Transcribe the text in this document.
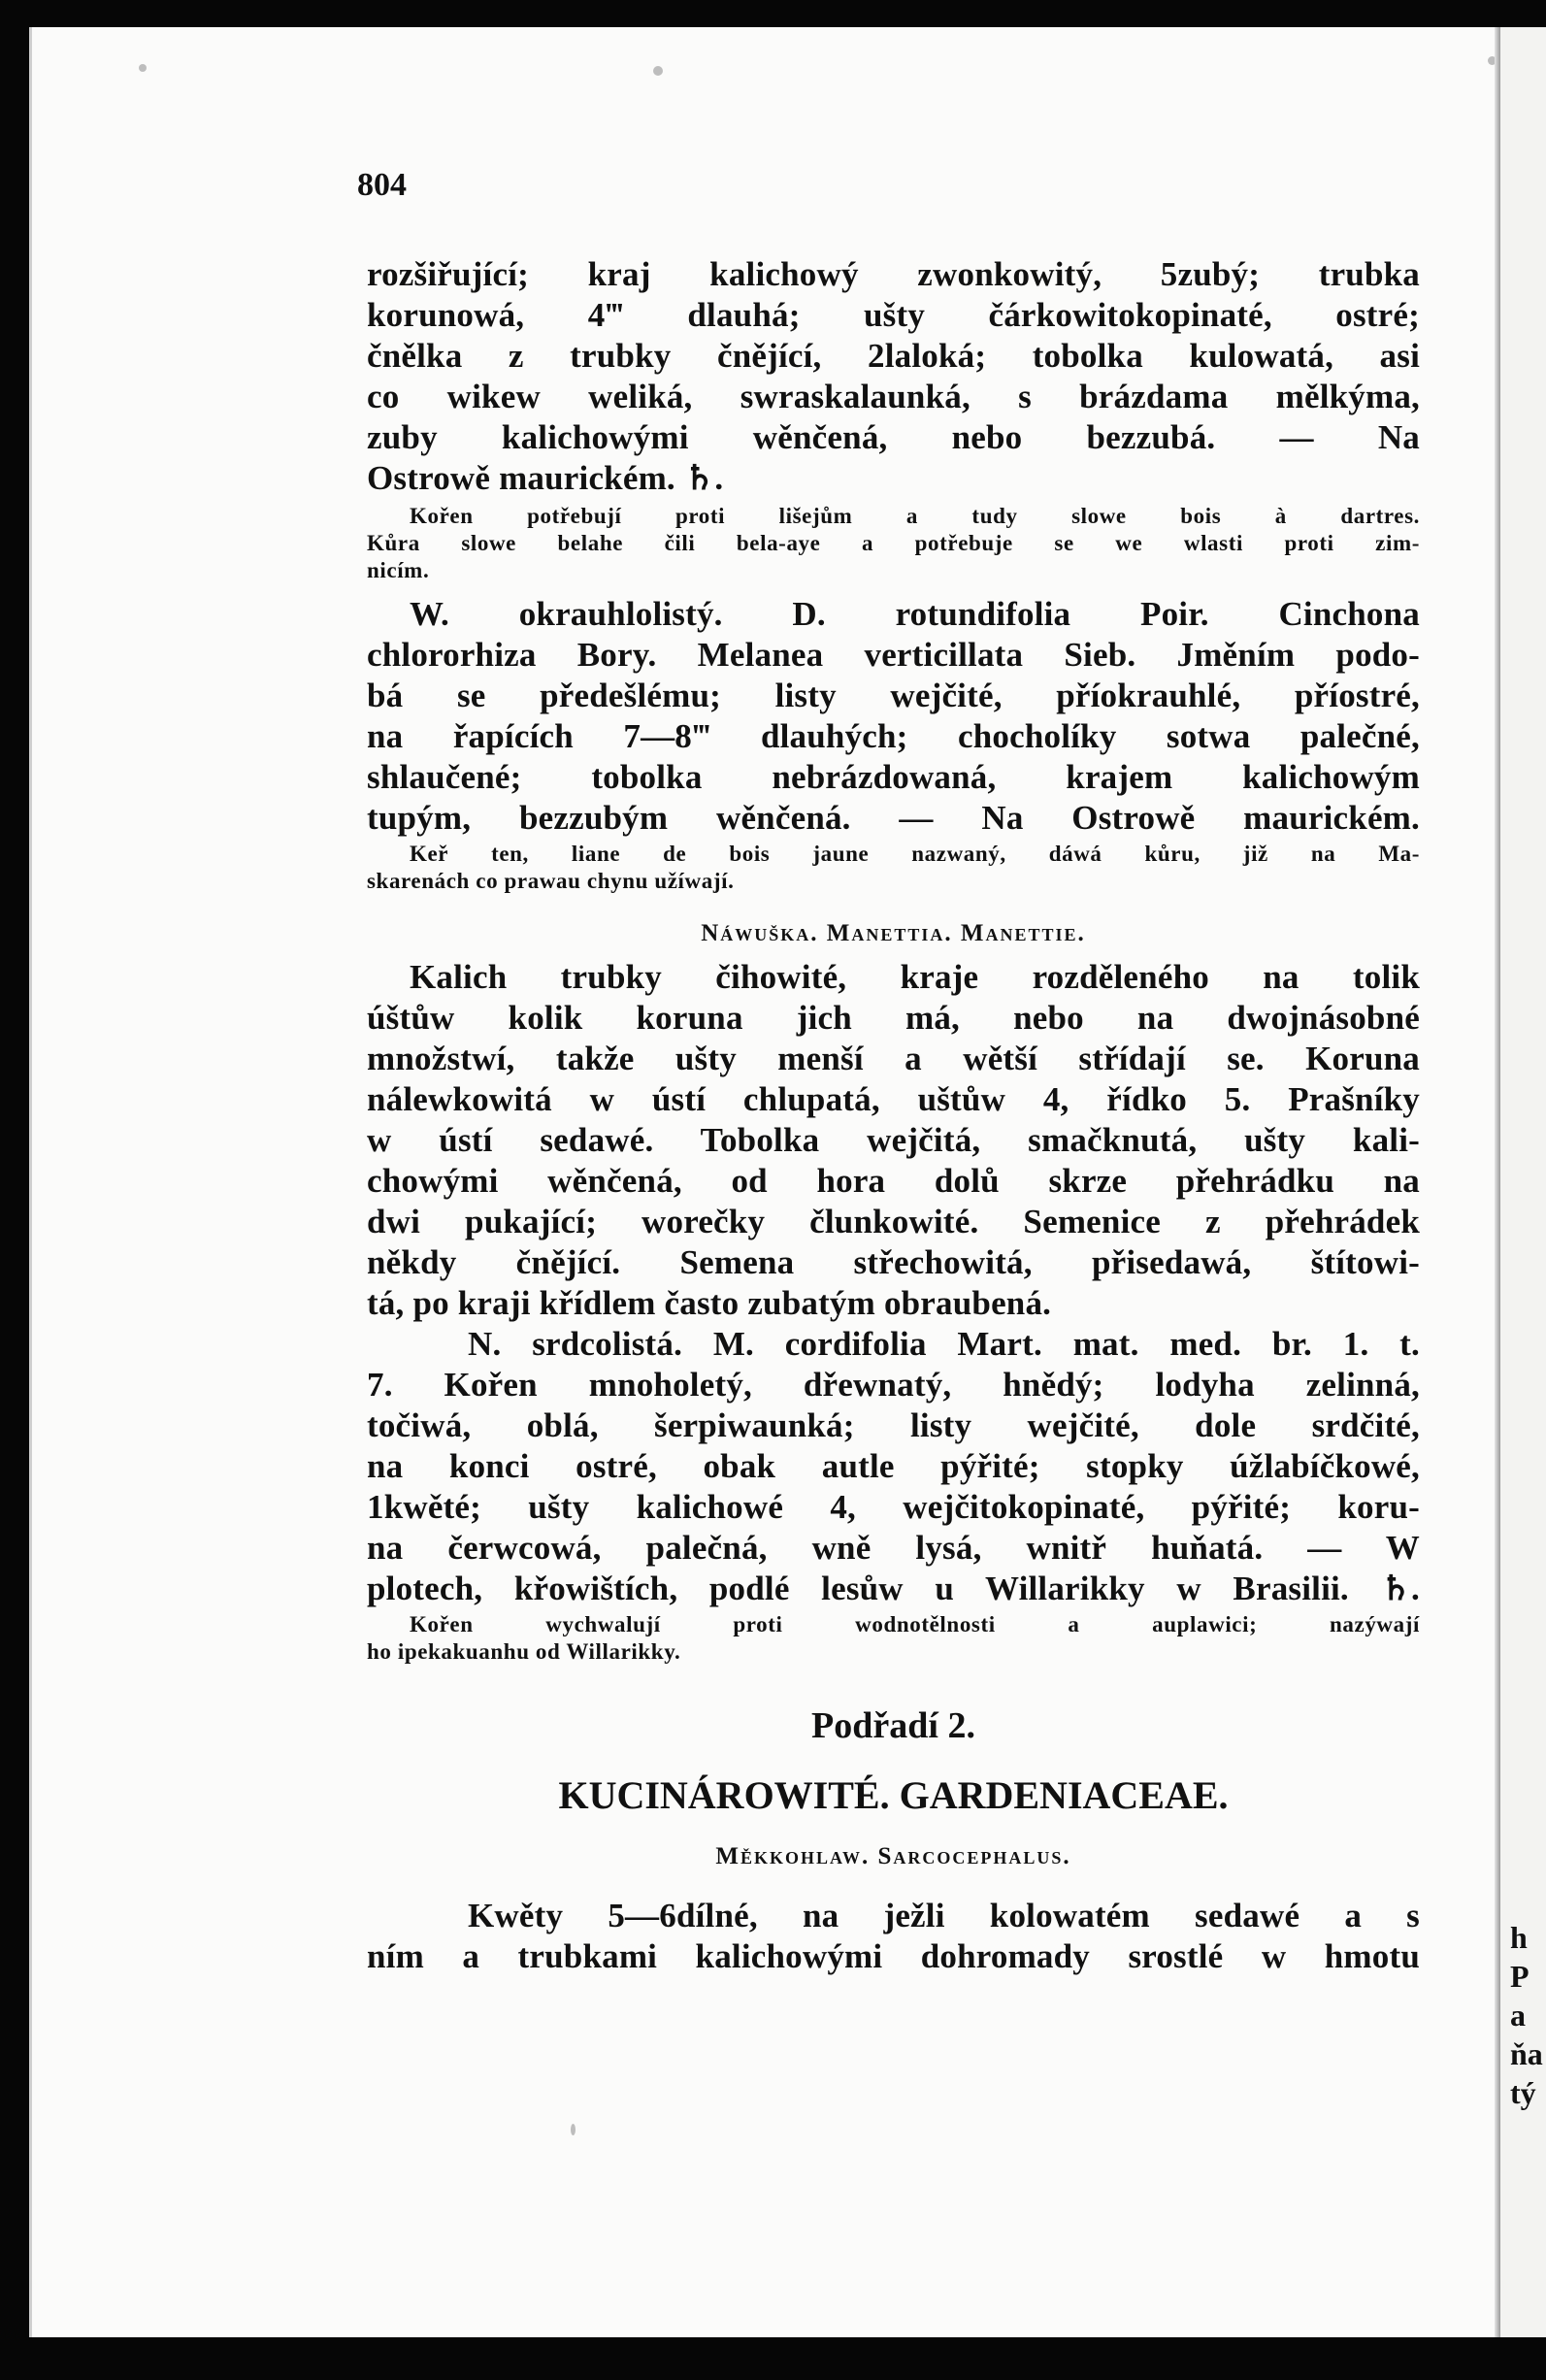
h
P
a
ňa
tý
804
rozšiřující; kraj kalichowý zwonkowitý, 5zubý; trubka
korunowá, 4‴ dlauhá; ušty čárkowitokopinaté, ostré;
čnělka z trubky čnějící, 2laloká; tobolka kulowatá, asi
co wikew weliká, swraskalaunká, s brázdama mělkýma,
zuby kalichowými wěnčená, nebo bezzubá. — Na
Ostrowě maurickém. ♄.
Kořen potřebují proti lišejům a tudy slowe bois à dartres.
Kůra slowe belahe čili bela-aye a potřebuje se we wlasti proti zim-
nicím.
W. okrauhlolistý. D. rotundifolia Poir. Cinchona
chlororhiza Bory. Melanea verticillata Sieb. Jměním podo-
bá se předešlému; listy wejčité, příokrauhlé, příostré,
na řapících 7—8‴ dlauhých; chocholíky sotwa palečné,
shlaučené; tobolka nebrázdowaná, krajem kalichowým
tupým, bezzubým wěnčená. — Na Ostrowě maurickém.
Keř ten, liane de bois jaune nazwaný, dáwá kůru, již na Ma-
skarenách co prawau chynu užíwají.
Náwuška. Manettia. Manettie.
Kalich trubky čihowité, kraje rozděleného na tolik
úštůw kolik koruna jich má, nebo na dwojnásobné
množstwí, takže ušty menší a wětší střídají se. Koruna
nálewkowitá w ústí chlupatá, uštůw 4, řídko 5. Prašníky
w ústí sedawé. Tobolka wejčitá, smačknutá, ušty kali-
chowými wěnčená, od hora dolů skrze přehrádku na
dwi pukající; worečky člunkowité. Semenice z přehrádek
někdy čnějící. Semena střechowitá, přisedawá, štítowi-
tá, po kraji křídlem často zubatým obraubená.
N. srdcolistá. M. cordifolia Mart. mat. med. br. 1. t.
7. Kořen mnoholetý, dřewnatý, hnědý; lodyha zelinná,
točiwá, oblá, šerpiwaunká; listy wejčité, dole srdčité,
na konci ostré, obak autle pýřité; stopky úžlabíčkowé,
1kwěté; ušty kalichowé 4, wejčitokopinaté, pýřité; koru-
na čerwcowá, palečná, wně lysá, wnitř huňatá. — W
plotech, křowištích, podlé lesůw u Willarikky w Brasilii. ♄.
Kořen wychwalují proti wodnotělnosti a auplawici; nazýwají
ho ipekakuanhu od Willarikky.
Podřadí 2.
KUCINÁROWITÉ. GARDENIACEAE.
Měkkohlaw. Sarcocephalus.
Kwěty 5—6dílné, na ježli kolowatém sedawé a s
ním a trubkami kalichowými dohromady srostlé w hmotu
